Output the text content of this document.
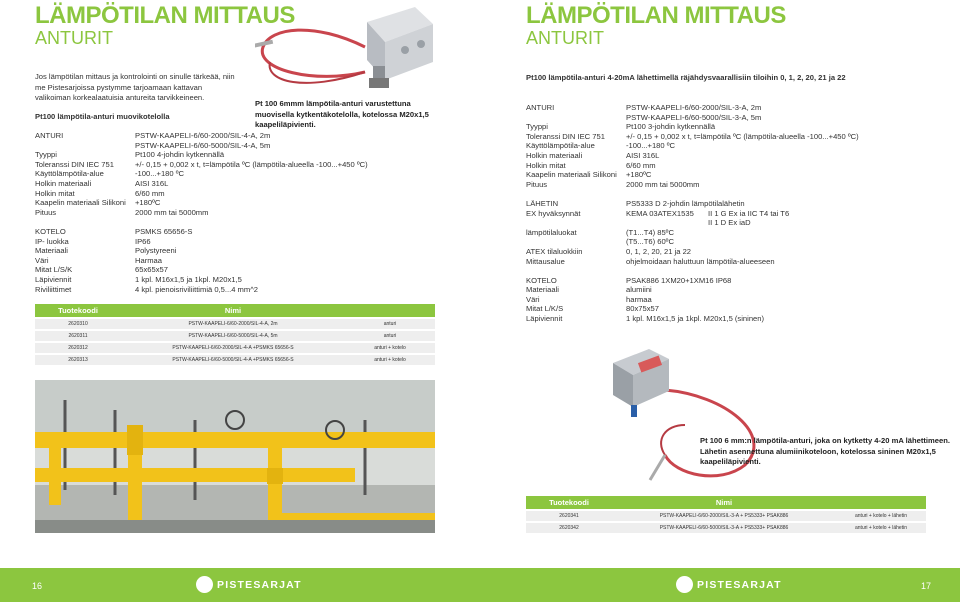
LÄMPÖTILAN MITTAUS
ANTURIT
Jos lämpötilan mittaus ja kontrolointi on sinulle tärkeää, niin me Pistesarjoissa pystymme tarjoamaan kattavan valikoiman korkealaatuisia antureita tarvikkeineen.
Pt100 lämpötila-anturi muovikotelolla
Pt 100 6mmm lämpötila-anturi varustettuna muovisella kytkentäkotelolla, kotelossa M20x1,5 kaapeliläpivienti.
ANTURI	PSTW-KAAPELI-6/60-2000/SIL-4-A, 2m
PSTW-KAAPELI-6/60-5000/SIL-4-A, 5m
Tyyppi	Pt100 4-johdin kytkennällä
Toleranssi DIN IEC 751	+/- 0,15 + 0,002 x t, t=lämpötila ºC (lämpötila-alueella -100...+450 ºC)
Käyttölämpötila-alue	-100...+180 ºC
Holkin materiaali	AISI 316L
Holkin mitat	6/60 mm
Kaapelin materiaali Silikoni +180ºC
Pituus	2000 mm tai 5000mm
KOTELO	PSMKS 65656-S
IP- luokka	IP66
Materiaali	Polystyreeni
Väri	Harmaa
Mitat L/S/K	65x65x57
Läpiviennit	1 kpl. M16x1,5 ja 1kpl. M20x1,5
Riviliittimet	4 kpl. pienoisriviliittimiä 0,5...4 mm^2
Tuotekoodi	Nimi	
2620310	PSTW-KAAPELI-6/60-2000/SIL-4-A, 2m	anturi
2620311	PSTW-KAAPELI-6/60-5000/SIL-4-A, 5m	anturi
2620312	PSTW-KAAPELI-6/60-2000/SIL-4-A +PSMKS 65656-S	anturi + kotelo
2620313	PSTW-KAAPELI-6/60-5000/SIL-4-A +PSMKS 65656-S	anturi + kotelo
LÄMPÖTILAN MITTAUS
ANTURIT
Pt100 lämpötila-anturi 4-20mA lähettimellä räjähdysvaarallisiin tiloihin 0, 1, 2, 20, 21 ja 22
ANTURI	PSTW-KAAPELI-6/60-2000/SIL-3-A, 2m
PSTW-KAAPELI-6/60-5000/SIL-3-A, 5m
Tyyppi	Pt100 3-johdin kytkennällä
Toleranssi DIN IEC 751	+/- 0,15 + 0,002 x t, t=lämpötila ºC (lämpötila-alueella -100...+450 ºC)
Käyttölämpötila-alue	-100...+180 ºC
Holkin materiaali	AISI 316L
Holkin mitat	6/60 mm
Kaapelin materiaali Silikoni +180ºC
Pituus	2000 mm tai 5000mm
LÄHETIN	PS5333 D 2-johdin lämpötilalähetin
EX hyväksynnät	KEMA 03ATEX1535 II 1 G Ex ia IIC T4 tai T6
II 1 D Ex iaD
lämpötilaluokat	(T1...T4) 85ºC
(T5...T6) 60ºC
ATEX tilaluokkiin	0, 1, 2, 20, 21 ja 22
Mittausalue	ohjelmoidaan haluttuun lämpötila-alueeseen
KOTELO	PSAK886 1XM20+1XM16 IP68
Materiaali	alumiini
Väri	harmaa
Mitat L/K/S	80x75x57
Läpiviennit	1 kpl. M16x1,5 ja 1kpl. M20x1,5 (sininen)
Pt 100 6 mm:n lämpötila-anturi, joka on kytketty 4-20 mA lähettimeen. Lähetin asennettuna alumiinikoteloon, kotelossa sininen M20x1,5 kaapeliläpivienti.
Tuotekoodi	Nimi	
2620341	PSTW-KAAPELI-6/60-2000/SIL-3-A + PS5333+ PSAK886	anturi + kotelo + lähetin
2620342	PSTW-KAAPELI-6/60-5000/SIL-3-A + PS5333+ PSAK886	anturi + kotelo + lähetin
16	17
PISTESARJAT	PISTESARJAT
